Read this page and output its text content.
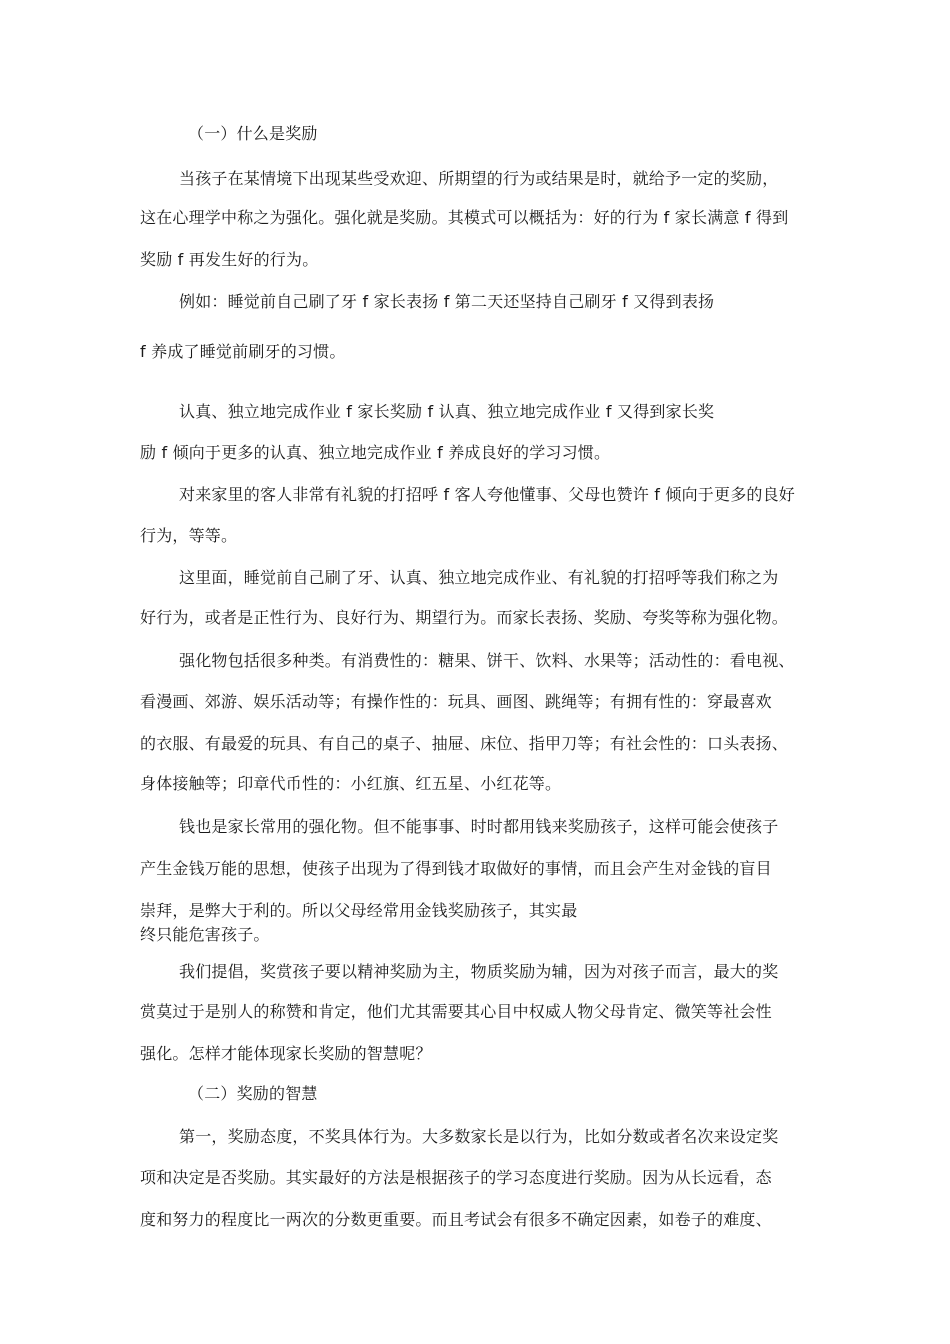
（一）什么是奖励
当孩子在某情境下出现某些受欢迎、所期望的行为或结果是时，就给予一定的奖励，
这在心理学中称之为强化。强化就是奖励。其模式可以概括为：好的行为 f 家长满意 f 得到
奖励 f 再发生好的行为。
例如：睡觉前自己刷了牙 f 家长表扬 f 第二天还坚持自己刷牙 f 又得到表扬
f 养成了睡觉前刷牙的习惯。
认真、独立地完成作业 f 家长奖励 f 认真、独立地完成作业 f 又得到家长奖
励 f 倾向于更多的认真、独立地完成作业 f 养成良好的学习习惯。
对来家里的客人非常有礼貌的打招呼 f 客人夸他懂事、父母也赞许 f 倾向于更多的良好
行为，等等。
这里面，睡觉前自己刷了牙、认真、独立地完成作业、有礼貌的打招呼等我们称之为
好行为，或者是正性行为、良好行为、期望行为。而家长表扬、奖励、夸奖等称为强化物。
强化物包括很多种类。有消费性的：糖果、饼干、饮料、水果等；活动性的：看电视、
看漫画、郊游、娱乐活动等；有操作性的：玩具、画图、跳绳等；有拥有性的：穿最喜欢
的衣服、有最爱的玩具、有自己的桌子、抽屉、床位、指甲刀等；有社会性的：口头表扬、
身体接触等；印章代币性的：小红旗、红五星、小红花等。
钱也是家长常用的强化物。但不能事事、时时都用钱来奖励孩子，这样可能会使孩子
产生金钱万能的思想，使孩子出现为了得到钱才取做好的事情，而且会产生对金钱的盲目
崇拜，是弊大于利的。所以父母经常用金钱奖励孩子，其实最
终只能危害孩子。
我们提倡，奖赏孩子要以精神奖励为主，物质奖励为辅，因为对孩子而言，最大的奖
赏莫过于是别人的称赞和肯定，他们尤其需要其心目中权威人物父母肯定、微笑等社会性
强化。怎样才能体现家长奖励的智慧呢？
（二）奖励的智慧
第一，奖励态度，不奖具体行为。大多数家长是以行为，比如分数或者名次来设定奖
项和决定是否奖励。其实最好的方法是根据孩子的学习态度进行奖励。因为从长远看，态
度和努力的程度比一两次的分数更重要。而且考试会有很多不确定因素，如卷子的难度、
